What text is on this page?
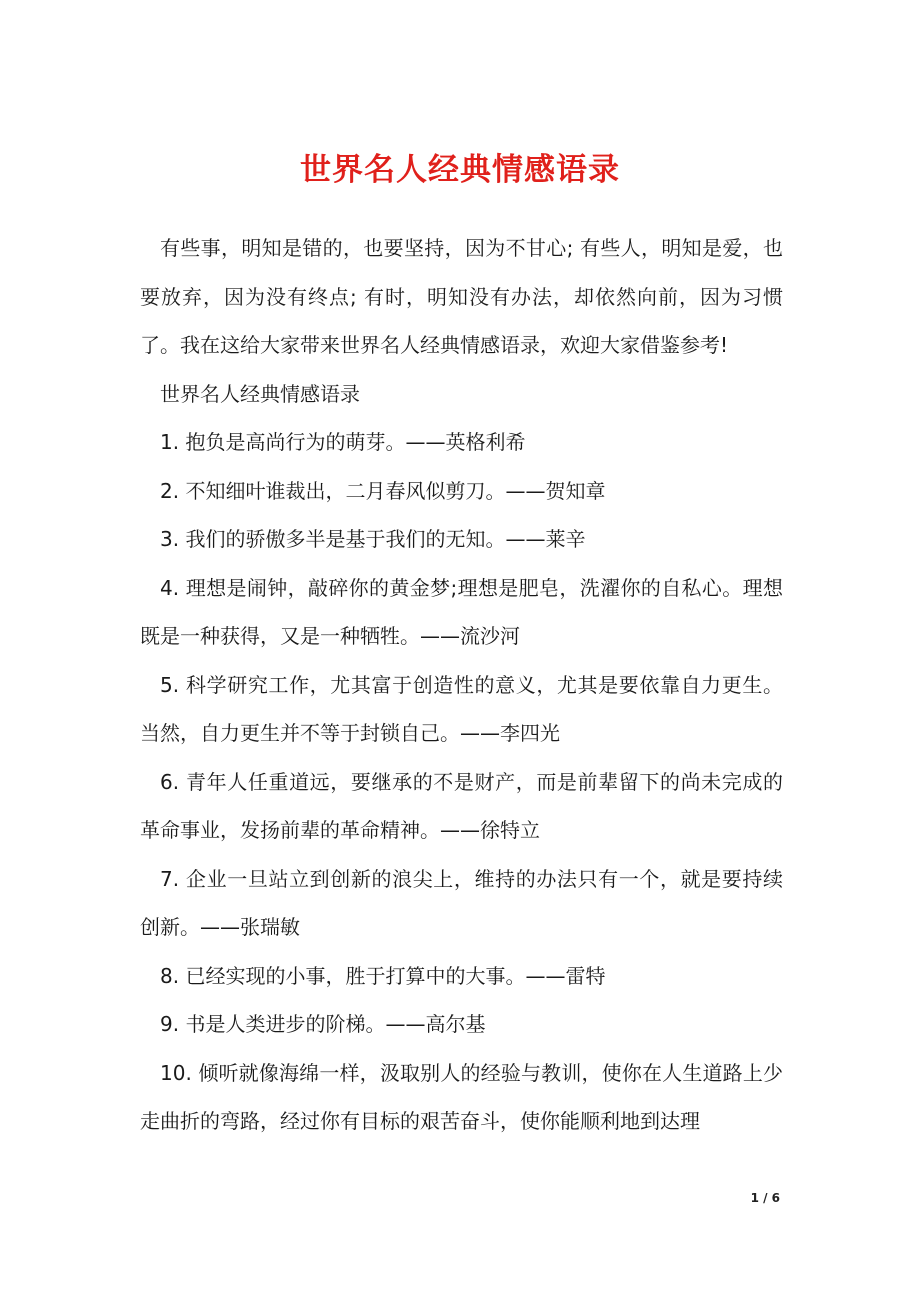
世界名人经典情感语录

有些事，明知是错的，也要坚持，因为不甘心; 有些人，明知是爱，也要放弃，因为没有终点; 有时，明知没有办法，却依然向前，因为习惯了。我在这给大家带来世界名人经典情感语录，欢迎大家借鉴参考!

世界名人经典情感语录

1. 抱负是高尚行为的萌芽。——英格利希

2. 不知细叶谁裁出，二月春风似剪刀。——贺知章

3. 我们的骄傲多半是基于我们的无知。——莱辛

4. 理想是闹钟，敲碎你的黄金梦;理想是肥皂，洗濯你的自私心。理想既是一种获得，又是一种牺牲。——流沙河

5. 科学研究工作，尤其富于创造性的意义，尤其是要依靠自力更生。当然，自力更生并不等于封锁自己。——李四光

6. 青年人任重道远，要继承的不是财产，而是前辈留下的尚未完成的革命事业，发扬前辈的革命精神。——徐特立

7. 企业一旦站立到创新的浪尖上，维持的办法只有一个，就是要持续创新。——张瑞敏

8. 已经实现的小事，胜于打算中的大事。——雷特

9. 书是人类进步的阶梯。——高尔基

10. 倾听就像海绵一样，汲取别人的经验与教训，使你在人生道路上少走曲折的弯路，经过你有目标的艰苦奋斗，使你能顺利地到达理

1 / 6
